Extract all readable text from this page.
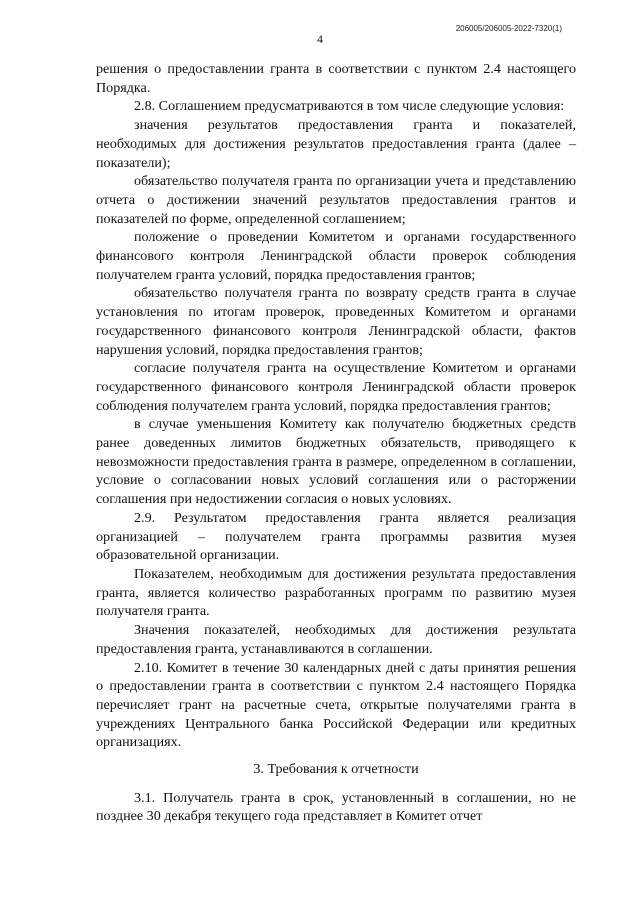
206005/206005-2022-7320(1)
4

решения о предоставлении гранта в соответствии с пунктом 2.4 настоящего Порядка.

2.8. Соглашением предусматриваются в том числе следующие условия:

значения результатов предоставления гранта и показателей, необходимых для достижения результатов предоставления гранта (далее – показатели);

обязательство получателя гранта по организации учета и представлению отчета о достижении значений результатов предоставления грантов и показателей по форме, определенной соглашением;

положение о проведении Комитетом и органами государственного финансового контроля Ленинградской области проверок соблюдения получателем гранта условий, порядка предоставления грантов;

обязательство получателя гранта по возврату средств гранта в случае установления по итогам проверок, проведенных Комитетом и органами государственного финансового контроля Ленинградской области, фактов нарушения условий, порядка предоставления грантов;

согласие получателя гранта на осуществление Комитетом и органами государственного финансового контроля Ленинградской области проверок соблюдения получателем гранта условий, порядка предоставления грантов;

в случае уменьшения Комитету как получателю бюджетных средств ранее доведенных лимитов бюджетных обязательств, приводящего к невозможности предоставления гранта в размере, определенном в соглашении, условие о согласовании новых условий соглашения или о расторжении соглашения при недостижении согласия о новых условиях.

2.9. Результатом предоставления гранта является реализация организацией – получателем гранта программы развития музея образовательной организации.

Показателем, необходимым для достижения результата предоставления гранта, является количество разработанных программ по развитию музея получателя гранта.

Значения показателей, необходимых для достижения результата предоставления гранта, устанавливаются в соглашении.

2.10. Комитет в течение 30 календарных дней с даты принятия решения о предоставлении гранта в соответствии с пунктом 2.4 настоящего Порядка перечисляет грант на расчетные счета, открытые получателями гранта в учреждениях Центрального банка Российской Федерации или кредитных организациях.

3. Требования к отчетности

3.1. Получатель гранта в срок, установленный в соглашении, но не позднее 30 декабря текущего года представляет в Комитет отчет
